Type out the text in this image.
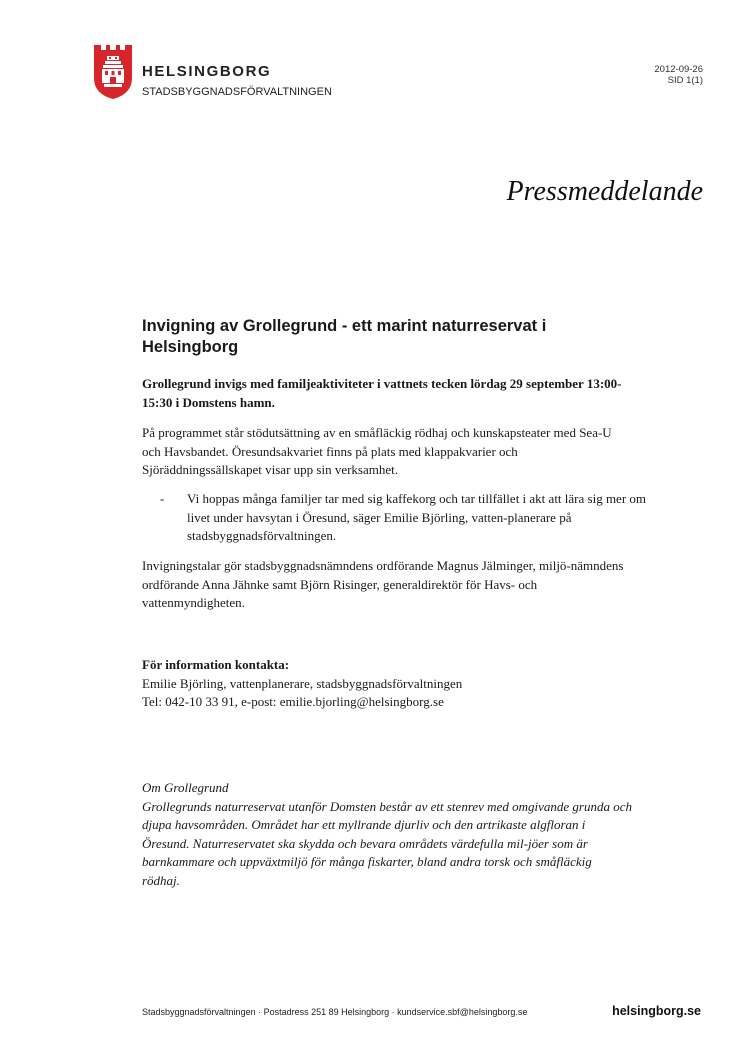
HELSINGBORG
STADSBYGGNADSFÖRVALTNINGEN
2012-09-26
SID 1(1)
Pressmeddelande
Invigning av Grollegrund - ett marint naturreservat i Helsingborg

Grollegrund invigs med familjeaktiviteter i vattnets tecken lördag 29 september 13:00-15:30 i Domstens hamn.

På programmet står stödutsättning av en småfläckig rödhaj och kunskapsteater med Sea-U och Havsbandet. Öresundsakvariet finns på plats med klappakvarier och Sjöräddningssällskapet visar upp sin verksamhet.

- Vi hoppas många familjer tar med sig kaffekorg och tar tillfället i akt att lära sig mer om livet under havsytan i Öresund, säger Emilie Björling, vatten-planerare på stadsbyggnadsförvaltningen.

Invigningstalar gör stadsbyggnadsnämndens ordförande Magnus Jälminger, miljö-nämndens ordförande Anna Jähnke samt Björn Risinger, generaldirektör för Havs- och vattenmyndigheten.

För information kontakta:
Emilie Björling, vattenplanerare, stadsbyggnadsförvaltningen
Tel: 042-10 33 91, e-post: emilie.bjorling@helsingborg.se

Om Grollegrund

Grollegrunds naturreservat utanför Domsten består av ett stenrev med omgivande grunda och djupa havsområden. Området har ett myllrande djurliv och den artrikaste algfloran i Öresund. Naturreservatet ska skydda och bevara områdets värdefulla mil-jöer som är barnkammare och uppväxtmiljö för många fiskarter, bland andra torsk och småfläckig rödhaj.

Stadsbyggnadsförvaltningen · Postadress 251 89 Helsingborg · kundservice.sbf@helsingborg.se	helsingborg.se
